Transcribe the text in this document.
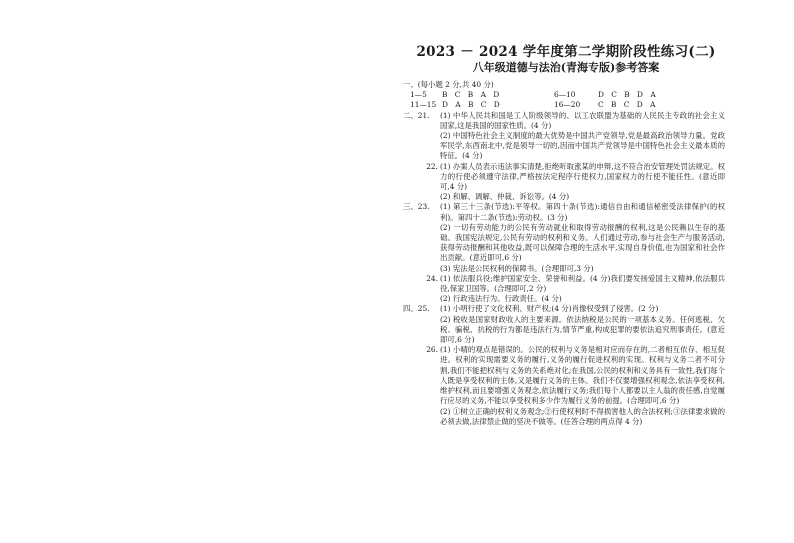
2023 － 2024 学年度第二学期阶段性练习(二)
八年级道德与法治(青海专版)参考答案
一、(每小题 2 分,共 40 分)
1—5	B C B A D	6—10	D C B D A
11—15 D A B C D	16—20	C B C D A
二、21.	(1) 中华人民共和国是工人阶级领导的、以工农联盟为基础的人民民主专政的社会主义国家,这是我国的国家性质。(4 分)
(2) 中国特色社会主义制度的最大优势是中国共产党领导,党是最高政治领导力量。党政军民学,东西南北中,党是领导一切的,因而中国共产党领导是中国特色社会主义最本质的特征。(4 分)
22. (1) 办案人员表示违法事实清楚,拒绝听取涨某的申辩,这不符合治安管理处罚法规定。权力的行使必须遵守法律,严格按法定程序行使权力,国家权力的行使不能任性。(意近即可,4 分)
(2) 和解、调解、仲裁、诉讼等。(4 分)
三、23.	(1) 第三十三条(节选):平等权。第四十条(节选):通信自由和通信秘密受法律保护(的权利)。第四十二条(节选):劳动权。(3 分)
(2) 一切有劳动能力的公民有劳动就业和取得劳动报酬的权利,这是公民赖以生存的基础。我国宪法规定,公民有劳动的权利和义务。人们通过劳动,参与社会生产与服务活动,获得劳动报酬和其他收益,既可以保障合理的生活水平,实现自身价值,也为国家和社会作出贡献。(意近即可,6 分)
(3) 宪法是公民权利的保障书。(合理即可,3 分)
24. (1) 依法服兵役;维护国家安全、荣誉和利益。(4 分)我们要发扬爱国主义精神,依法服兵役,保家卫国等。(合理即可,2 分)
(2) 行政违法行为。行政责任。(4 分)
四、25.	(1) 小明行使了文化权利、财产权;(4 分)肖像权受到了侵害。(2 分)
(2) 税收是国家财政收入的主要来源。依法纳税是公民的一项基本义务。任何逃税、欠税、骗税、抗税的行为都是违法行为,情节严重,构成犯罪的要依法追究刑事责任。(意近即可,6 分)
26. (1) 小晴的观点是错误的。公民的权利与义务是相对应而存在的,二者相互依存、相互促进。权利的实现需要义务的履行,义务的履行促进权利的实现。权利与义务二者不可分割,我们不能把权利与义务的关系绝对化;在我国,公民的权利和义务具有一致性,我们每个人既是享受权利的主体,又是履行义务的主体。我们不仅要增强权利观念,依法享受权利,维护权利,而且要增强义务观念,依法履行义务;我们每个人都要以主人翁的责任感,自觉履行应尽的义务,不能以享受权利多少作为履行义务的前提。(合理即可,6 分)
(2) ①树立正确的权利义务观念;②行使权利时不得损害他人的合法权利;③法律要求做的必须去做,法律禁止做的坚决不做等。(任答合理的两点得 4 分)
